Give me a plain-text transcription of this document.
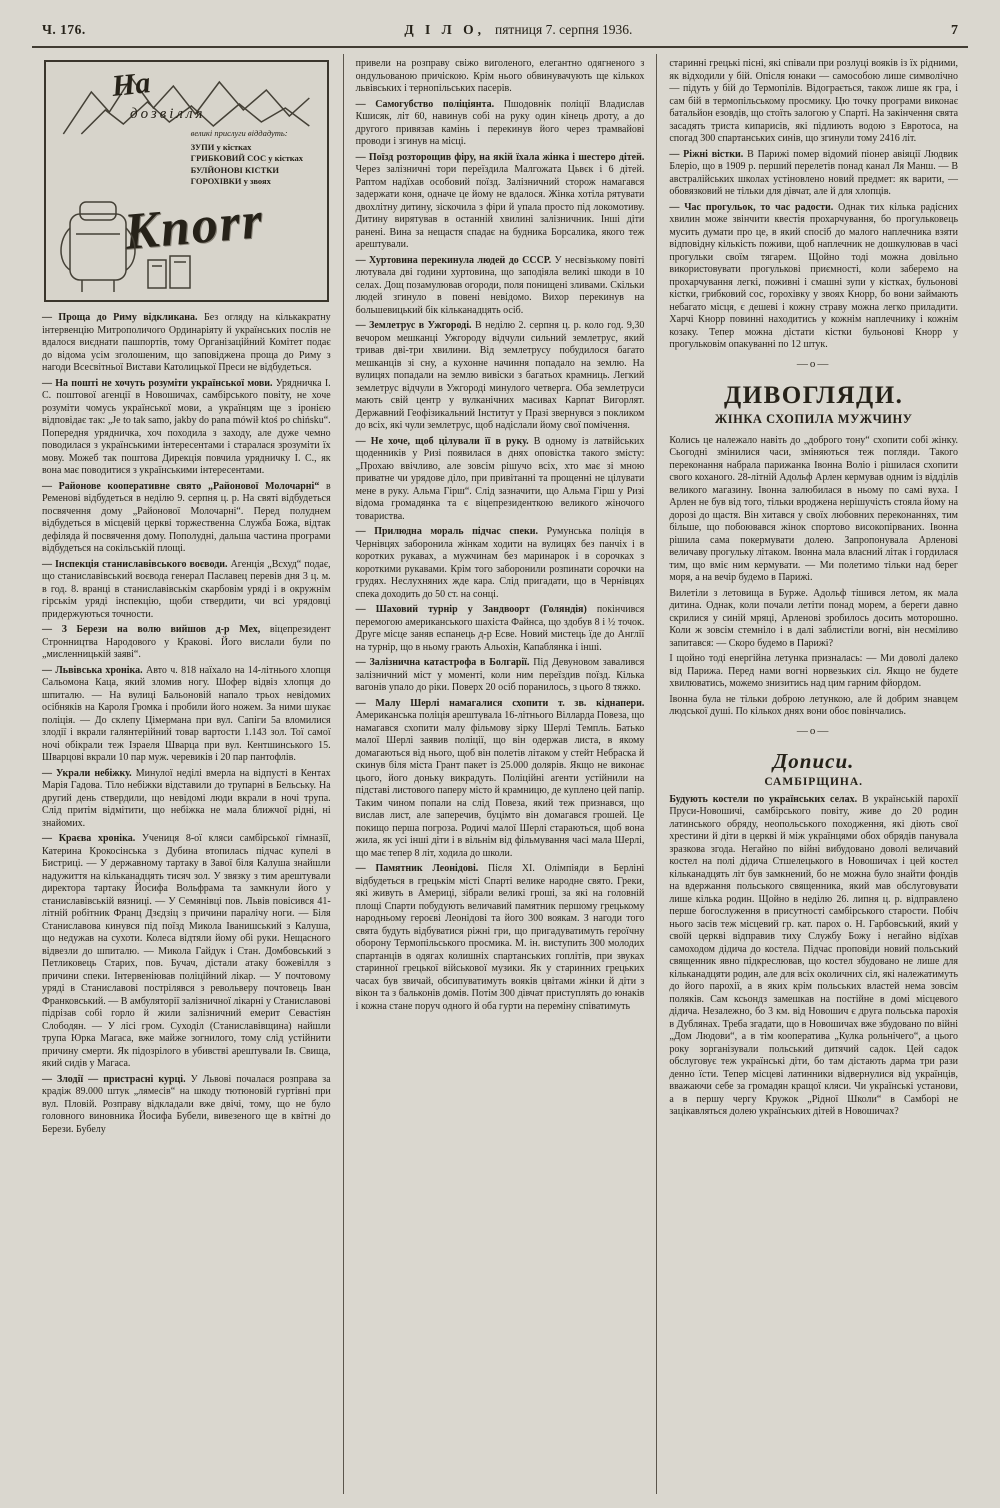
Ч. 176.	Д І Л О, пятниця 7. серпня 1936.	7
На
дозвілля
великі прислуги віддадуть:
ЗУПИ у кістках
ГРИБКОВИЙ СОС у кістках
БУЛЙОНОВІ КІСТКИ
ГОРОХІВКИ у звоях
Knorr

— Проща до Риму відкликана. Без огляду на кількакратну інтервенцію Митрополичого Ординаріяту й українських послів не вдалося виєднати пашпортів, тому Організаційний Комітет подає до відома усім зголошеним, що заповіджена проща до Риму з нагоди Всесвітньої Вистави Католицької Преси не відбудеться.

— На пошті не хочуть розуміти української мови. Урядничка І. С. поштової агенції в Новошичах, самбірського повіту, не хоче розуміти чомусь української мови, а українцям ще з іронією відповідає так: „Je to tak samo, jakby do pana mówił ktoś po chińsku“. Попередня урядничка, хоч походила з заходу, але дуже чемно поводилася з українськими інтересентами і старалася зрозуміти їх мову. Можеб так поштова Дирекція повчила урядничку І. С., як вона має поводитися з українськими інтересентами.

— Районове кооперативне свято „Районової Молочарні“ в Ременові відбудеться в неділю 9. серпня ц. р. На святі відбудеться посвячення дому „Районової Молочарні“. Перед полуднем відбудеться в місцевій церкві торжественна Служба Божа, відтак дефіляда й посвячення дому. Пополудні, дальша частина програми відбудеться на сокільській площі.

— Інспекція станиславівського воєводи. Агенція „Всхуд“ подає, що станиславівський воєвода генерал Паславец перевів дня 3 ц. м. в год. 8. вранці в станиславівськім скарбовім уряді і в окружнім гірськім уряді інспекцію, щоби ствердити, чи всі урядовці придержуються точности.

— З Берези на волю вийшов д-р Мех, віцепрезидент Стронництва Народового у Кракові. Його вислали були по „мисленницькій заяві“.

— Львівська хроніка. Авто ч. 818 наїхало на 14-літнього хлопця Сальомона Каца, який зломив ногу. Шофер відвіз хлопця до шпиталю. — На вулиці Бальоновій напало трьох невідомих осібняків на Кароля Громка і пробили його ножем. За ними шукає поліція. — До склепу Цімермана при вул. Сапіги 5а вломилися злодії і вкрали галянтерійний товар вартости 1.143 зол. Тої самої ночі обікрали теж Ізраеля Шварца при вул. Кентшинського 15. Шварцові вкрали 10 пар муж. черевиків і 20 пар пантофлів.

— Украли небіжку. Минулої неділі вмерла на відпусті в Кентах Марія Гадова. Тіло небіжки відставили до трупарні в Бельську. На другий день ствердили, що невідомі люди вкрали в ночі трупа. Слід притім відмітити, що небіжка не мала ближчої рідні, ні знайомих.

— Краєва хроніка. Учениця 8-ої кляси самбірської гімназії, Катерина Крокосінська з Дубина втопилась підчас купелі в Бистриці. — У державному тартаку в Завої біля Калуша знайшли надужиття на кільканадцять тисяч зол. У звязку з тим арештували директора тартаку Йосифа Вольфрама та замкнули його у станиславівській вязниці. — У Семянівці пов. Львів повісився 41-літній робітник Франц Дзєдзіц з причини паралічу ноги. — Біля Станиславова кинувся під поїзд Микола Іванишський з Калуша, що недужав на сухоти. Колеса відтяли йому обі руки. Нещасного відвезли до шпиталю. — Микола Гайдук і Стан. Домбовський з Петликовець Старих, пов. Бучач, дістали атаку божевілля з причини спеки. Інтервеніював поліційний лікар. — У почтовому уряді в Станиславові пострілявся з револьверу почтовець Іван Франковський. — В амбуляторії залізничної лікарні у Станиславові підрізав собі горло й жили залізничний емерит Севастіян Слободян. — У лісі гром. Суходіл (Станиславівщина) найшли трупа Юрка Магаса, вже майже зогнилого, тому слід устійнити причину смерти. Як підозрілого в убивстві арештували Ів. Свища, який сидів у Магаса.

— Злодії — пристрасні курці. У Львові почалася розправа за крадіж 89.000 штук „лямесів“ на шкоду тютюновій гуртівні при вул. Пловій. Розправу відкладали вже двічі, тому, що не було головного виновника Йосифа Бубели, вивезеного ще в квітні до Берези. Бубелу

привели на розправу свіжо виголеного, елегантно одягненого з ондульованою причіскою. Крім нього обвинувачують ще кількох львівських і тернопільських пасерів.

— Самогубство поліціянта. Пшодовнік поліції Владислав Кшисяк, літ 60, навинув собі на руку один кінець дроту, а до другого привязав камінь і перекинув його через трамвайові проводи і згинув на місці.

— Поїзд розторощив фіру, на якій їхала жінка і шестеро дітей. Через залізничні тори переїздила Малгожата Цьвєк і 6 дітей. Раптом надїхав особовий поїзд. Залізничний сторож намагався задержати коня, одначе це йому не вдалося. Жінка хотіла рятувати двохлітну дитину, зіскочила з фіри й упала просто під локомотиву. Дитину вирятував в останній хвилині залізничник. Інші діти ранені. Вина за нещастя спадає на будника Борсалика, якого теж арештували.

— Хуртовина перекинула людей до СССР. У несвізькому повіті лютувала дві години хуртовина, що заподіяла великі шкоди в 10 селах. Дощ позамулював огороди, поля понищені зливами. Скільки людей згинуло в повені невідомо. Вихор перекинув на большевицький бік кільканадцять осіб.

— Землетрус в Ужгороді. В неділю 2. серпня ц. р. коло год. 9,30 вечором мешканці Ужгороду відчули сильний землетрус, який тривав дві-три хвилини. Від землетрусу побудилося багато мешканців зі сну, а кухонне начиння попадало на землю. На вулицях попадали на землю вивіски з багатьох крамниць. Легкий землетрус відчули в Ужгороді минулого четверга. Оба землетруси мають свій центр у вулканічних масивах Карпат Вигорлят. Державний Геофізикальний Інститут у Празі звернувся з покликом до всіх, які чули землетрус, щоб надіслали йому свої помічення.

— Не хоче, щоб цілували її в руку. В одному із латвійських щоденників у Ризі появилася в днях оповістка такого змісту: „Прохаю ввічливо, але зовсім рішучо всіх, хто має зі мною приватне чи урядове діло, при привітанні та прощенні не цілувати мене в руку. Альма Гірш“. Слід зазначити, що Альма Гірш у Ризі відома громадянка та є віцепрезиденткою великого жіночого товариства.

— Прилюдна мораль підчас спеки. Румунська поліція в Чернівцях заборонила жінкам ходити на вулицях без панчіх і в коротких рукавах, а мужчинам без маринарок і в сорочках з короткими рукавами. Крім того заборонили розпинати сорочки на грудях. Неслухняних жде кара. Слід пригадати, що в Чернівцях спека доходить до 50 ст. на сонці.

— Шаховий турнір у Зандвоорт (Голяндія) покінчився перемогою американського шахіста Файнса, що здобув 8 і ½ точок. Друге місце заняв еспанець д-р Есве. Новий мистець їде до Англії на турнір, що в ньому грають Альохін, Капаблянка і інші.

— Залізнична катастрофа в Болгарії. Під Девуновом завалився залізничний міст у моменті, коли ним переїздив поїзд. Кілька вагонів упало до ріки. Поверх 20 осіб поранилось, з цього 8 тяжко.

— Малу Шерлі намагалися схопити т. зв. кіднапери. Американська поліція арештувала 16-літнього Вілларда Повеза, що намагався схопити малу фільмову зірку Шерлі Темпль. Батько малої Шерлі заявив поліції, що він одержав листа, в якому домагаються від нього, щоб він полетів літаком у стейт Небраска й скинув біля міста Грант пакет із 25.000 долярів. Якщо не виконає цього, його доньку викрадуть. Поліційні агенти устійнили на підставі листового паперу місто й крамницю, де куплено цей папір. Таким чином попали на слід Повеза, який теж признався, що вислав лист, але заперечив, буцімто він домагався грошей. Це покищо перша погроза. Родичі малої Шерлі стараються, щоб вона жила, як усі інші діти і в вільнім від фільмування часі мала Шерлі, що має тепер 8 літ, ходила до школи.

— Памятник Леонідові. Після XI. Олімпіяди в Берліні відбудеться в грецькім місті Спарті велике народне свято. Греки, які живуть в Америці, зібрали великі гроші, за які на головній площі Спарти побудують величавий памятник першому грецькому народньому героєві Леонідові та його 300 воякам. З нагоди того свята будуть відбуватися ріжні гри, що пригадуватимуть героїчну оборону Термопільського просмика. М. ін. виступить 300 молодих спартанців в одягах колишніх спартанських гоплітів, при звуках старинної грецької військової музики. Як у старинних грецьких часах був звичай, обсипуватимуть вояків цвітами жінки й діти з вікон та з бальконів домів. Потім 300 дівчат приступлять до юнаків і кожна стане поруч одного й оба гурти на переміну співатимуть

старинні грецькі пісні, які співали при розлуці вояків із їх рідними, як відходили у бій. Опісля юнаки — самособою лише символічно — підуть у бій до Термопілів. Відограється, також лише як гра, і сам бій в термопільському просмику. Цю точку програми виконає батальйон езовдів, що стоїть залогою у Спарті. На закінчення свята засадять триста кипарисів, які підлиють водою з Евротоса, на спогад 300 спартанських синів, що згинули тому 2416 літ.

— Ріжні вістки. В Парижі помер відомий піонер авіяції Людвик Блеріо, що в 1909 р. перший перелетів понад канал Ля Манш. — В австралійських школах устіновлено новий предмет: як варити, — обовязковий не тільки для дівчат, але й для хлопців.

— Час прогульок, то час радости. Однак тих кілька радісних хвилин може звінчити квестія прохарчування, бо прогульковець мусить думати про це, в який спосіб до малого наплечника взяти відповідну кількість поживи, щоб наплечник не дошкулював в часі прогульки своїм тягарем. Щойно тоді можна довільно використовувати прогулькові приємності, коли заберемо на прохарчування легкі, поживні і смашні зупи у кістках, бульонові кістки, грибковий сос, горохівку у звоях Кнорр, бо вони займають небагато місця, є дешеві і кожну страву можна легко приладити. Харчі Кнорр повинні находитись у кожнім наплечнику і кожнім козаку. Тепер можна дістати кістки бульонові Кнорр у прогульковім опакуванні по 12 штук.

—о—
ДИВОГЛЯДИ.
ЖІНКА СХОПИЛА МУЖЧИНУ

Колись це належало навіть до „доброго тону“ схопити собі жінку. Сьогодні змінилися часи, зміняються теж погляди. Такого переконання набрала парижанка Івонна Воліо і рішилася схопити свого коханого. 28-літній Адольф Арлен кермував одним із відділів великого магазину. Івонна залюбилася в ньому по самі вуха. І Арлен не був від того, тільки вроджена нерішучість стояла йому на дорозі до щастя. Він хитався у своїх любовних переконаннях, тим більше, що побоювався жінок спортово високопірваних. Івонна рішила сама покермувати долею. Запропонувала Арленові величаву прогульку літаком. Івонна мала власний літак і гордилася тим, що вміє ним кермувати. — Ми полетимо тільки над берег моря, а на вечір будемо в Парижі.

Вилетіли з летовища в Бурже. Адольф тішився летом, як мала дитина. Однак, коли почали летіти понад морем, а береги давно скрилися у синій мряці, Арленові зробилось досить моторошно. Коли ж зовсім стемніло і в далі заблистіли вогні, він несміливо запитався: — Скоро будемо в Парижі?

І щойно тоді енергійна летунка призналась: — Ми доволі далеко від Парижа. Перед нами вогні норвезьких сіл. Якщо не будете хвилюватись, можемо знизитись над цим гарним фйордом.

Івонна була не тільки доброю летункою, але й добрим знавцем людської душі. По кількох днях вони обоє повінчались.

—о—
Дописи.
САМБІРЩИНА.

Будують костели по українських селах. В українській парохії Пруси-Новошичі, самбірського повіту, живе до 20 родин латинського обряду, неопольського походження, які діють свої хрестини й діти в церкві й між українцями обох обрядів панувала зразкова згода. Негайно по війні вибудовано доволі величавий костел на полі дідича Стшелецького в Новошичах і цей костел кільканадцять літ був замкнений, бо не можна було знайти фондів на вдержання польського священника, який мав обслуговувати лише кілька родин. Щойно в неділю 26. липня ц. р. відправлено перше богослуження в присутності самбірського старости. Побіч нього засів теж місцевий гр. кат. парох о. Н. Гарбовський, який у своїй церкві відправив тиху Службу Божу і негайно відїхав самоходом дідича до костела. Підчас проповіди новий польський священник явно підкреслював, що костел збудовано не лише для кільканадцяти родин, але для всіх околичних сіл, які належатимуть до його парохії, а в яких крім польських властей нема зовсім поляків. Сам ксьондз замешкав на постійне в домі місцевого дідича. Незалежно, бо 3 км. від Новошич є друга польська парохія в Дублянах. Треба згадати, що в Новошичах вже збудовано по війні „Дом Людови“, а в тім кооператива „Кулка рольнічего“, а цього року зорганізували польський дитячий садок. Цей садок обслуговує теж українські діти, бо там дістають дарма три рази денно їсти. Тепер місцеві латинники відвернулися від українців, вважаючи себе за громадян кращої кляси. Чи українські установи, а в першу чергу Кружок „Рідної Школи“ в Самборі не зацікавляться долею українських дітей в Новошичах?
